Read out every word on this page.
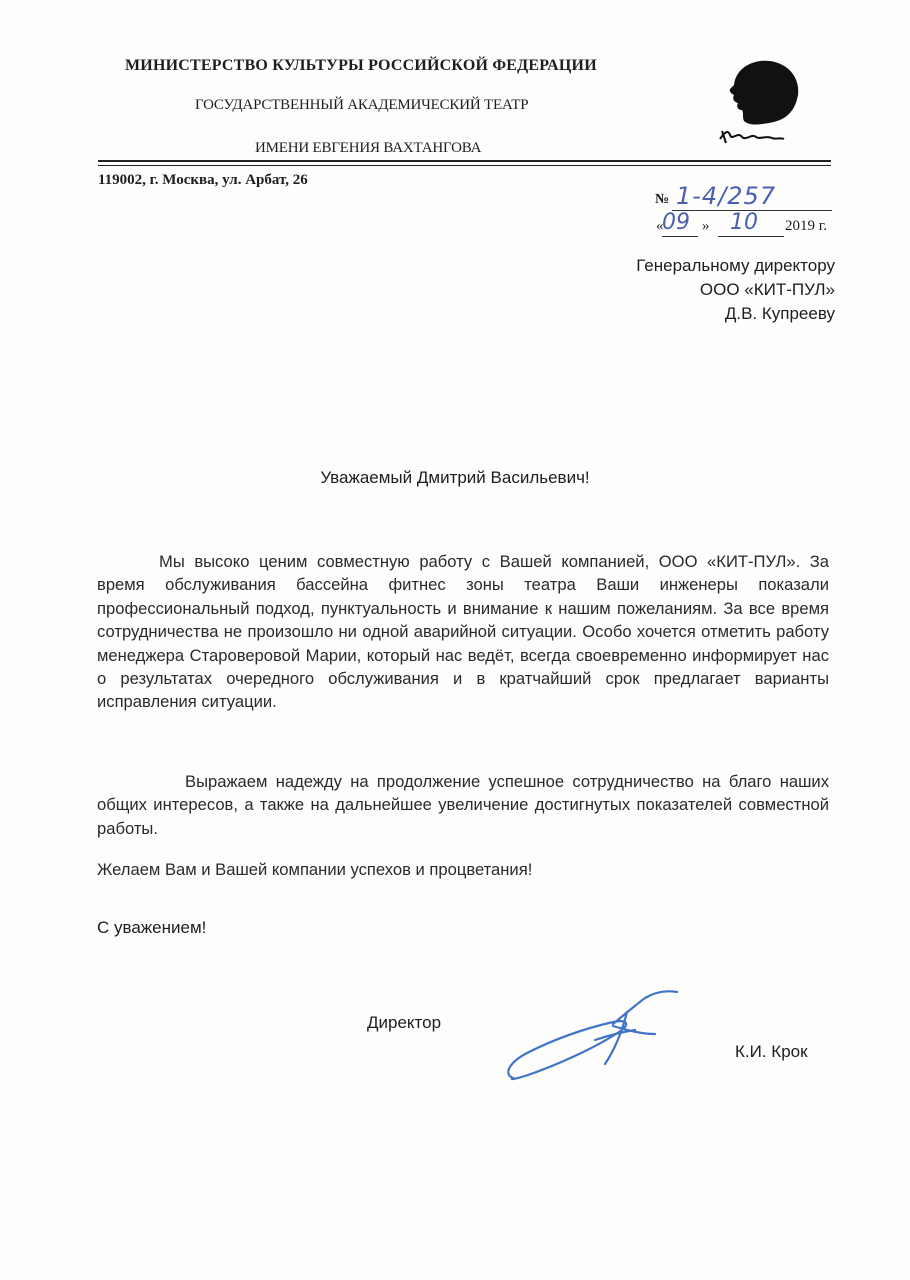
МИНИСТЕРСТВО КУЛЬТУРЫ РОССИЙСКОЙ ФЕДЕРАЦИИ
ГОСУДАРСТВЕННЫЙ АКАДЕМИЧЕСКИЙ ТЕАТР
ИМЕНИ ЕВГЕНИЯ ВАХТАНГОВА
119002, г. Москва, ул. Арбат, 26
№ 1-4/257
«
09 » 10 2019 г.
Генеральному директору
ООО «КИТ-ПУЛ»
Д.В. Купрееву
Уважаемый Дмитрий Васильевич!
Мы высоко ценим совместную работу с Вашей компанией, ООО «КИТ-ПУЛ». За время обслуживания бассейна фитнес зоны театра Ваши инженеры показали профессиональный подход, пунктуальность и внимание к нашим пожеланиям. За все время сотрудничества не произошло ни одной аварийной ситуации. Особо хочется отметить работу менеджера Староверовой Марии, который нас ведёт, всегда своевременно информирует нас о результатах очередного обслуживания и в кратчайший срок предлагает варианты исправления ситуации.
Выражаем надежду на продолжение успешное сотрудничество на благо наших общих интересов, а также на дальнейшее увеличение достигнутых показателей совместной работы.
Желаем Вам и Вашей компании успехов и процветания!
С уважением!
Директор
К.И. Крок
